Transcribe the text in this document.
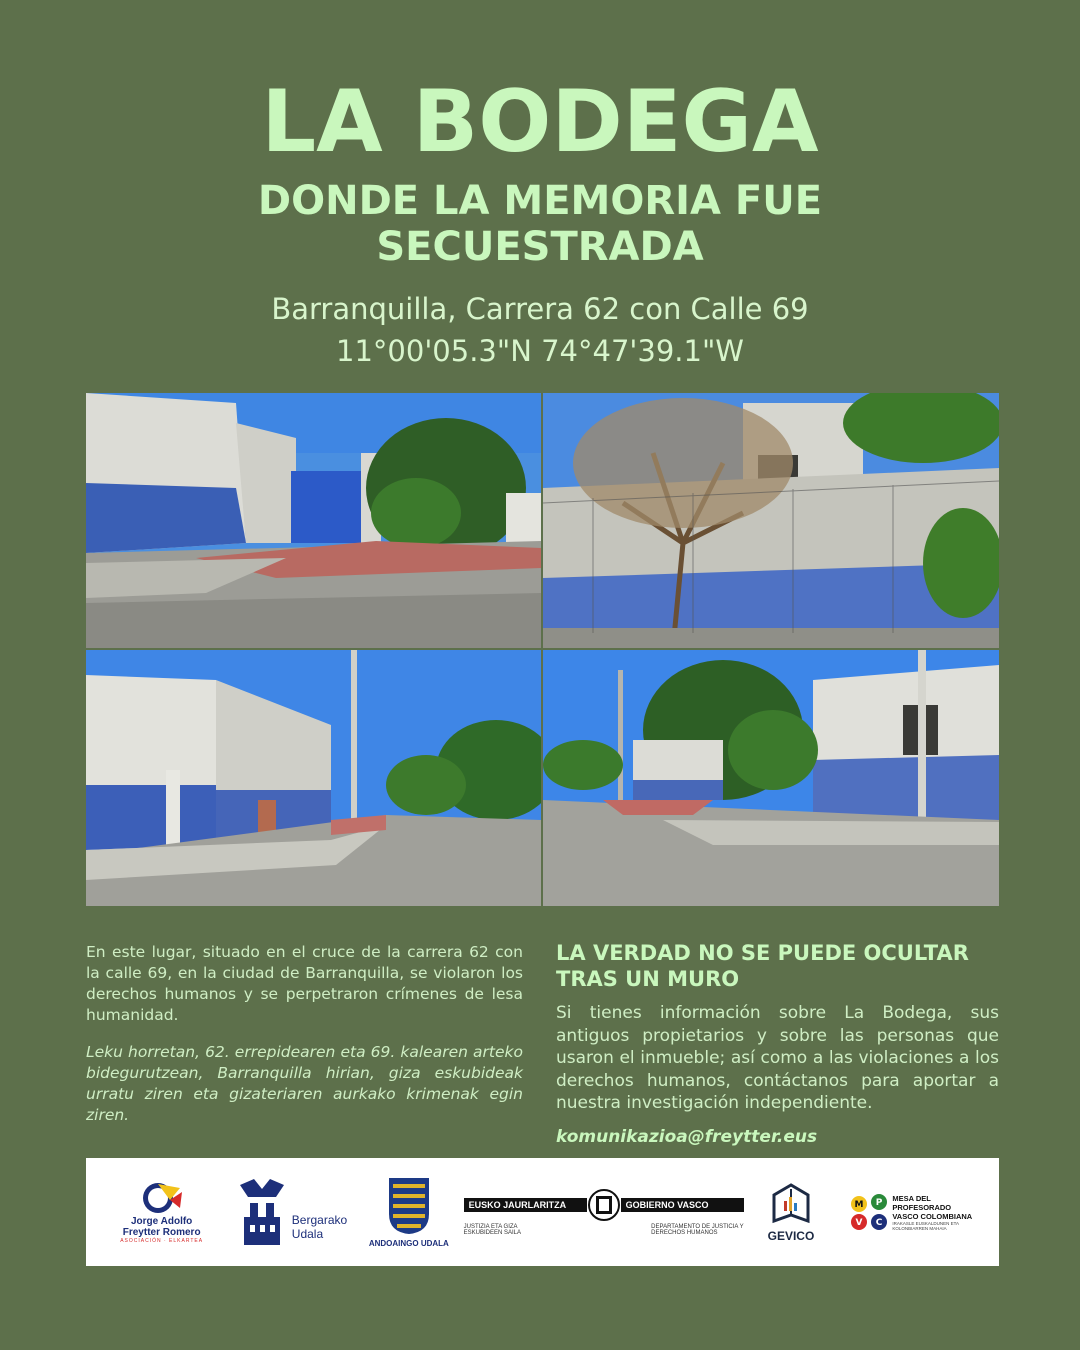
LA BODEGA
DONDE LA MEMORIA FUE
SECUESTRADA
Barranquilla, Carrera 62 con Calle 69
11°00'05.3"N 74°47'39.1"W

En este lugar, situado en el cruce de la carrera 62 con la calle 69, en la ciudad de Barranquilla, se violaron los derechos humanos y se perpetraron crímenes de lesa humanidad.

Leku horretan, 62. errepidearen eta 69. kalearen arteko bidegurutzean, Barranquilla hirian, giza eskubideak urratu ziren eta gizateriaren aurkako krimenak egin ziren.

LA VERDAD NO SE PUEDE OCULTAR
TRAS UN MURO

Si tienes información sobre La Bodega, sus antiguos propietarios y sobre las personas que usaron el inmueble; así como a las violaciones a los derechos humanos, contáctanos para aportar a nuestra investigación independiente.

komunikazioa@freytter.eus
Jorge Adolfo
Freytter Romero
ASOCIACIÓN · ELKARTEA
Bergarako
Udala
ANDOAINGO UDALA
EUSKO JAURLARITZA	GOBIERNO VASCO
JUSTIZIA ETA GIZA
ESKUBIDEEN SAILA
DEPARTAMENTO DE JUSTICIA Y
DERECHOS HUMANOS	GEVICO
M P
V C
MESA DEL
PROFESORADO
VASCO COLOMBIANA
IRAKASLE EUSKALDUNEN ETA
KOLONBIARREN MAHAIA
